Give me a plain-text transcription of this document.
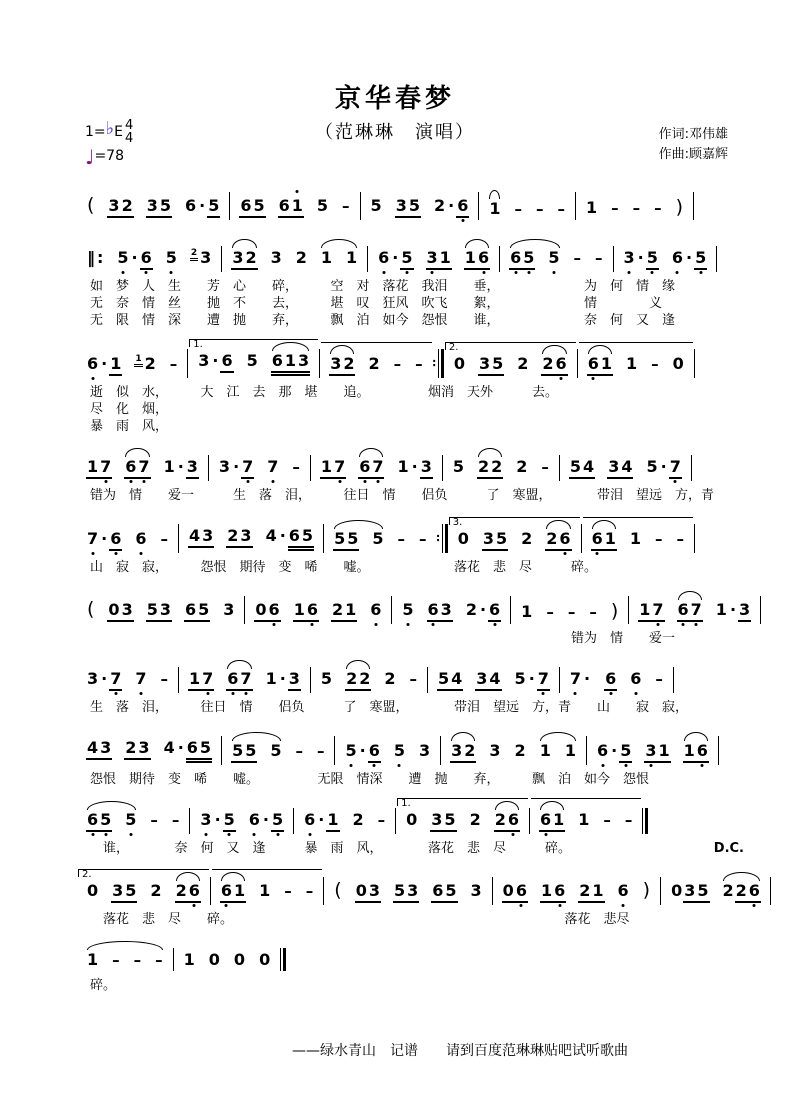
京华春梦
（范琳琳　演唱）	作词:邓伟雄
作曲:顾嘉辉
1= ♭ E 4
4
♩ =78
( 3 2 3 5 6 · 5 6 5 6 1 5 – 5 3 5 2 · 6 1 – – – 1 – – – )
‖ : 5 · 6 5 2 3 3 2 3 2 1 1 6 · 5 3 1 1 6 6 5 5 – – 3 · 5 6 · 5
如　梦　人　生　　芳　心　　碎，　　　空　对　落花　我泪　　垂，　　　　　　　为　何　情　缘
无　奈　情　丝　　抛　不　　去，　　　堪　叹　狂风　吹飞　　絮，　　　　　　　情　　　　义
无　限　情　深　　遭　抛　　弃，　　　飘　泊　如今　怨恨　　谁，　　　　　　　奈　何　又　逢
6 · 1 1 2 – 3 · 6 5 6 1 3
1.
3 2 2 – – ∶ 0 3 5 2 2 6
2.
6 1 1 – 0
逝　似　水，　　　大　江　去　那　堪　　追。　　　　　烟消　天外　　　去。
尽　化　烟，
暴　雨　风，
1 7 6 7 1 · 3 3 · 7 7 – 1 7 6 7 1 · 3 5 2 2 2 – 5 4 3 4 5 · 7
错为　情　　爱一　　　生　落　泪，　　　往日　情　　侣负　　　了　寒盟，　　　　带泪　望远　方，青
7 · 6 6 – 4 3 2 3 4 · 6 5 5 5 5 – – ∶ 0 3 5 2 2 6
3.
6 1 1 – –
山　寂　寂，　　　怨恨　期待　变　唏　　嘘。　　　　　　　落花　悲　尽　　　碎。
( 0 3 5 3 6 5 3 0 6 1 6 2 1 6 5 6 3 2 · 6 1 – – – ) 1 7 6 7 1 · 3
　　　　　　　　　　　　　　　　　　　　　　　　　　　　　　　　　　　　　错为　情　　爱一
3 · 7 7 – 1 7 6 7 1 · 3 5 2 2 2 – 5 4 3 4 5 · 7 7 · 6 6 –
生　落　泪，　　　往日　情　　侣负　　　了　寒盟，　　　　带泪　望远　方，青　　山　　寂　寂，
4 3 2 3 4 · 6 5 5 5 5 – – 5 · 6 5 3 3 2 3 2 1 1 6 · 5 3 1 1 6
怨恨　期待　变　唏　　嘘。　　　　　无限　情深　　遭　抛　　弃，　　　飘　泊　如今　怨恨
6 5 5 – – 3 · 5 6 · 5 6 · 1 2 – 0 3 5 2 2 6
1.
6 1 1 – –
　谁，　　　　奈　何　又　逢　　　暴　雨　风，　　　　落花　悲　尽　　　碎。	D.C.
0 3 5 2 2 6
2.
6 1 1 – – ( 0 3 5 3 6 5 3 0 6 1 6 2 1 6 ) 0 3 5 2 2 6
　落花　悲　尽　　碎。　　　　　　　　　　　　　　　　　　　　　　　　　　落花　悲尽
1 – – – 1 0 0 0
碎。
——绿水青山　记谱　　请到百度范琳琳贴吧试听歌曲
